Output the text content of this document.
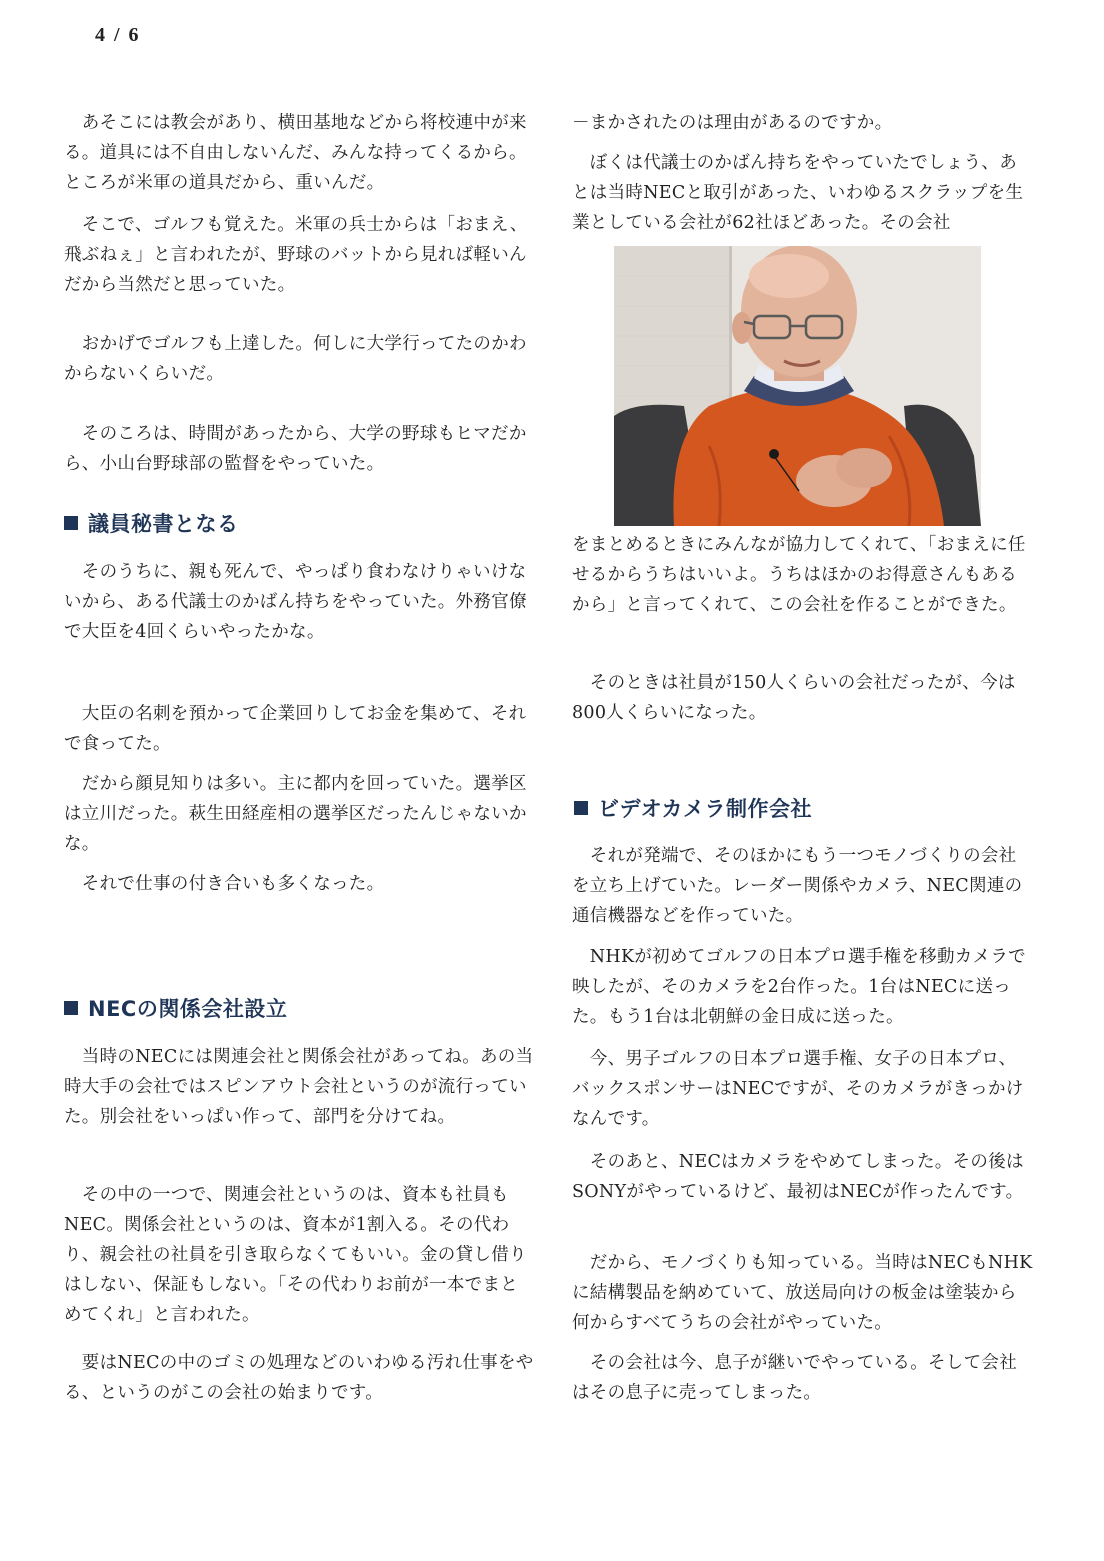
4 / 6

　あそこには教会があり、横田基地などから将校連中が来る。道具には不自由しないんだ、みんな持ってくるから。ところが米軍の道具だから、重いんだ。

　そこで、ゴルフも覚えた。米軍の兵士からは「おまえ、飛ぶねぇ」と言われたが、野球のバットから見れば軽いんだから当然だと思っていた。

　おかげでゴルフも上達した。何しに大学行ってたのかわからないくらいだ。

　そのころは、時間があったから、大学の野球もヒマだから、小山台野球部の監督をやっていた。

議員秘書となる

　そのうちに、親も死んで、やっぱり食わなけりゃいけないから、ある代議士のかばん持ちをやっていた。外務官僚で大臣を4回くらいやったかな。

　大臣の名刺を預かって企業回りしてお金を集めて、それで食ってた。

　だから顔見知りは多い。主に都内を回っていた。選挙区は立川だった。萩生田経産相の選挙区だったんじゃないかな。

　それで仕事の付き合いも多くなった。

NECの関係会社設立

　当時のNECには関連会社と関係会社があってね。あの当時大手の会社ではスピンアウト会社というのが流行っていた。別会社をいっぱい作って、部門を分けてね。

　その中の一つで、関連会社というのは、資本も社員もNEC。関係会社というのは、資本が1割入る。その代わり、親会社の社員を引き取らなくてもいい。金の貸し借りはしない、保証もしない。「その代わりお前が一本でまとめてくれ」と言われた。

　要はNECの中のゴミの処理などのいわゆる汚れ仕事をやる、というのがこの会社の始まりです。

－まかされたのは理由があるのですか。

　ぼくは代議士のかばん持ちをやっていたでしょう、あとは当時NECと取引があった、いわゆるスクラップを生業としている会社が62社ほどあった。その会社

をまとめるときにみんなが協力してくれて、「おまえに任せるからうちはいいよ。うちはほかのお得意さんもあるから」と言ってくれて、この会社を作ることができた。

　そのときは社員が150人くらいの会社だったが、今は800人くらいになった。

ビデオカメラ制作会社

　それが発端で、そのほかにもう一つモノづくりの会社を立ち上げていた。レーダー関係やカメラ、NEC関連の通信機器などを作っていた。

　NHKが初めてゴルフの日本プロ選手権を移動カメラで映したが、そのカメラを2台作った。1台はNECに送った。もう1台は北朝鮮の金日成に送った。

　今、男子ゴルフの日本プロ選手権、女子の日本プロ、バックスポンサーはNECですが、そのカメラがきっかけなんです。

　そのあと、NECはカメラをやめてしまった。その後はSONYがやっているけど、最初はNECが作ったんです。

　だから、モノづくりも知っている。当時はNECもNHKに結構製品を納めていて、放送局向けの板金は塗装から何からすべてうちの会社がやっていた。

　その会社は今、息子が継いでやっている。そして会社はその息子に売ってしまった。
